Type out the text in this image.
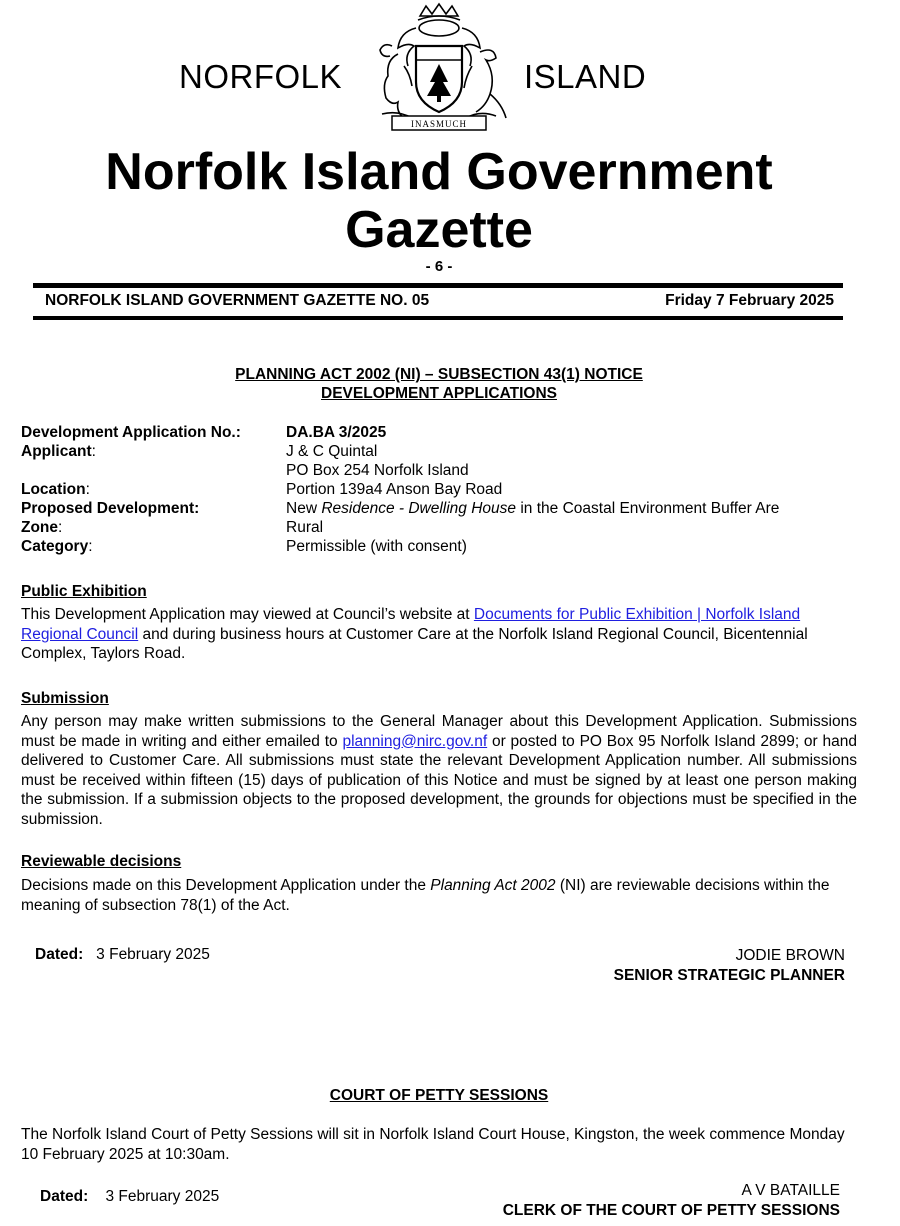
NORFOLK	ISLAND
INASMUCH
Norfolk Island Government
Gazette
- 6 -
NORFOLK ISLAND GOVERNMENT GAZETTE NO. 05	Friday 7 February 2025
PLANNING ACT 2002 (NI) – SUBSECTION 43(1) NOTICE
DEVELOPMENT APPLICATIONS
Development Application No.:	DA.BA 3/2025
Applicant:	J & C Quintal
PO Box 254 Norfolk Island
Location:	Portion 139a4 Anson Bay Road
Proposed Development:	New Residence - Dwelling House in the Coastal Environment Buffer Are
Zone:	Rural
Category:	Permissible (with consent)
Public Exhibition
This Development Application may viewed at Council’s website at Documents for Public Exhibition | Norfolk Island Regional Council and during business hours at Customer Care at the Norfolk Island Regional Council, Bicentennial Complex, Taylors Road.
Submission
Any person may make written submissions to the General Manager about this Development Application. Submissions must be made in writing and either emailed to planning@nirc.gov.nf or posted to PO Box 95 Norfolk Island 2899; or hand delivered to Customer Care. All submissions must state the relevant Development Application number. All submissions must be received within fifteen (15) days of publication of this Notice and must be signed by at least one person making the submission. If a submission objects to the proposed development, the grounds for objections must be specified in the submission.
Reviewable decisions
Decisions made on this Development Application under the Planning Act 2002 (NI) are reviewable decisions within the meaning of subsection 78(1) of the Act.
Dated: 3 February 2025	JODIE BROWN
SENIOR STRATEGIC PLANNER
COURT OF PETTY SESSIONS
The Norfolk Island Court of Petty Sessions will sit in Norfolk Island Court House, Kingston, the week commence Monday 10 February 2025 at 10:30am.
Dated: 3 February 2025	A V BATAILLE
CLERK OF THE COURT OF PETTY SESSIONS
